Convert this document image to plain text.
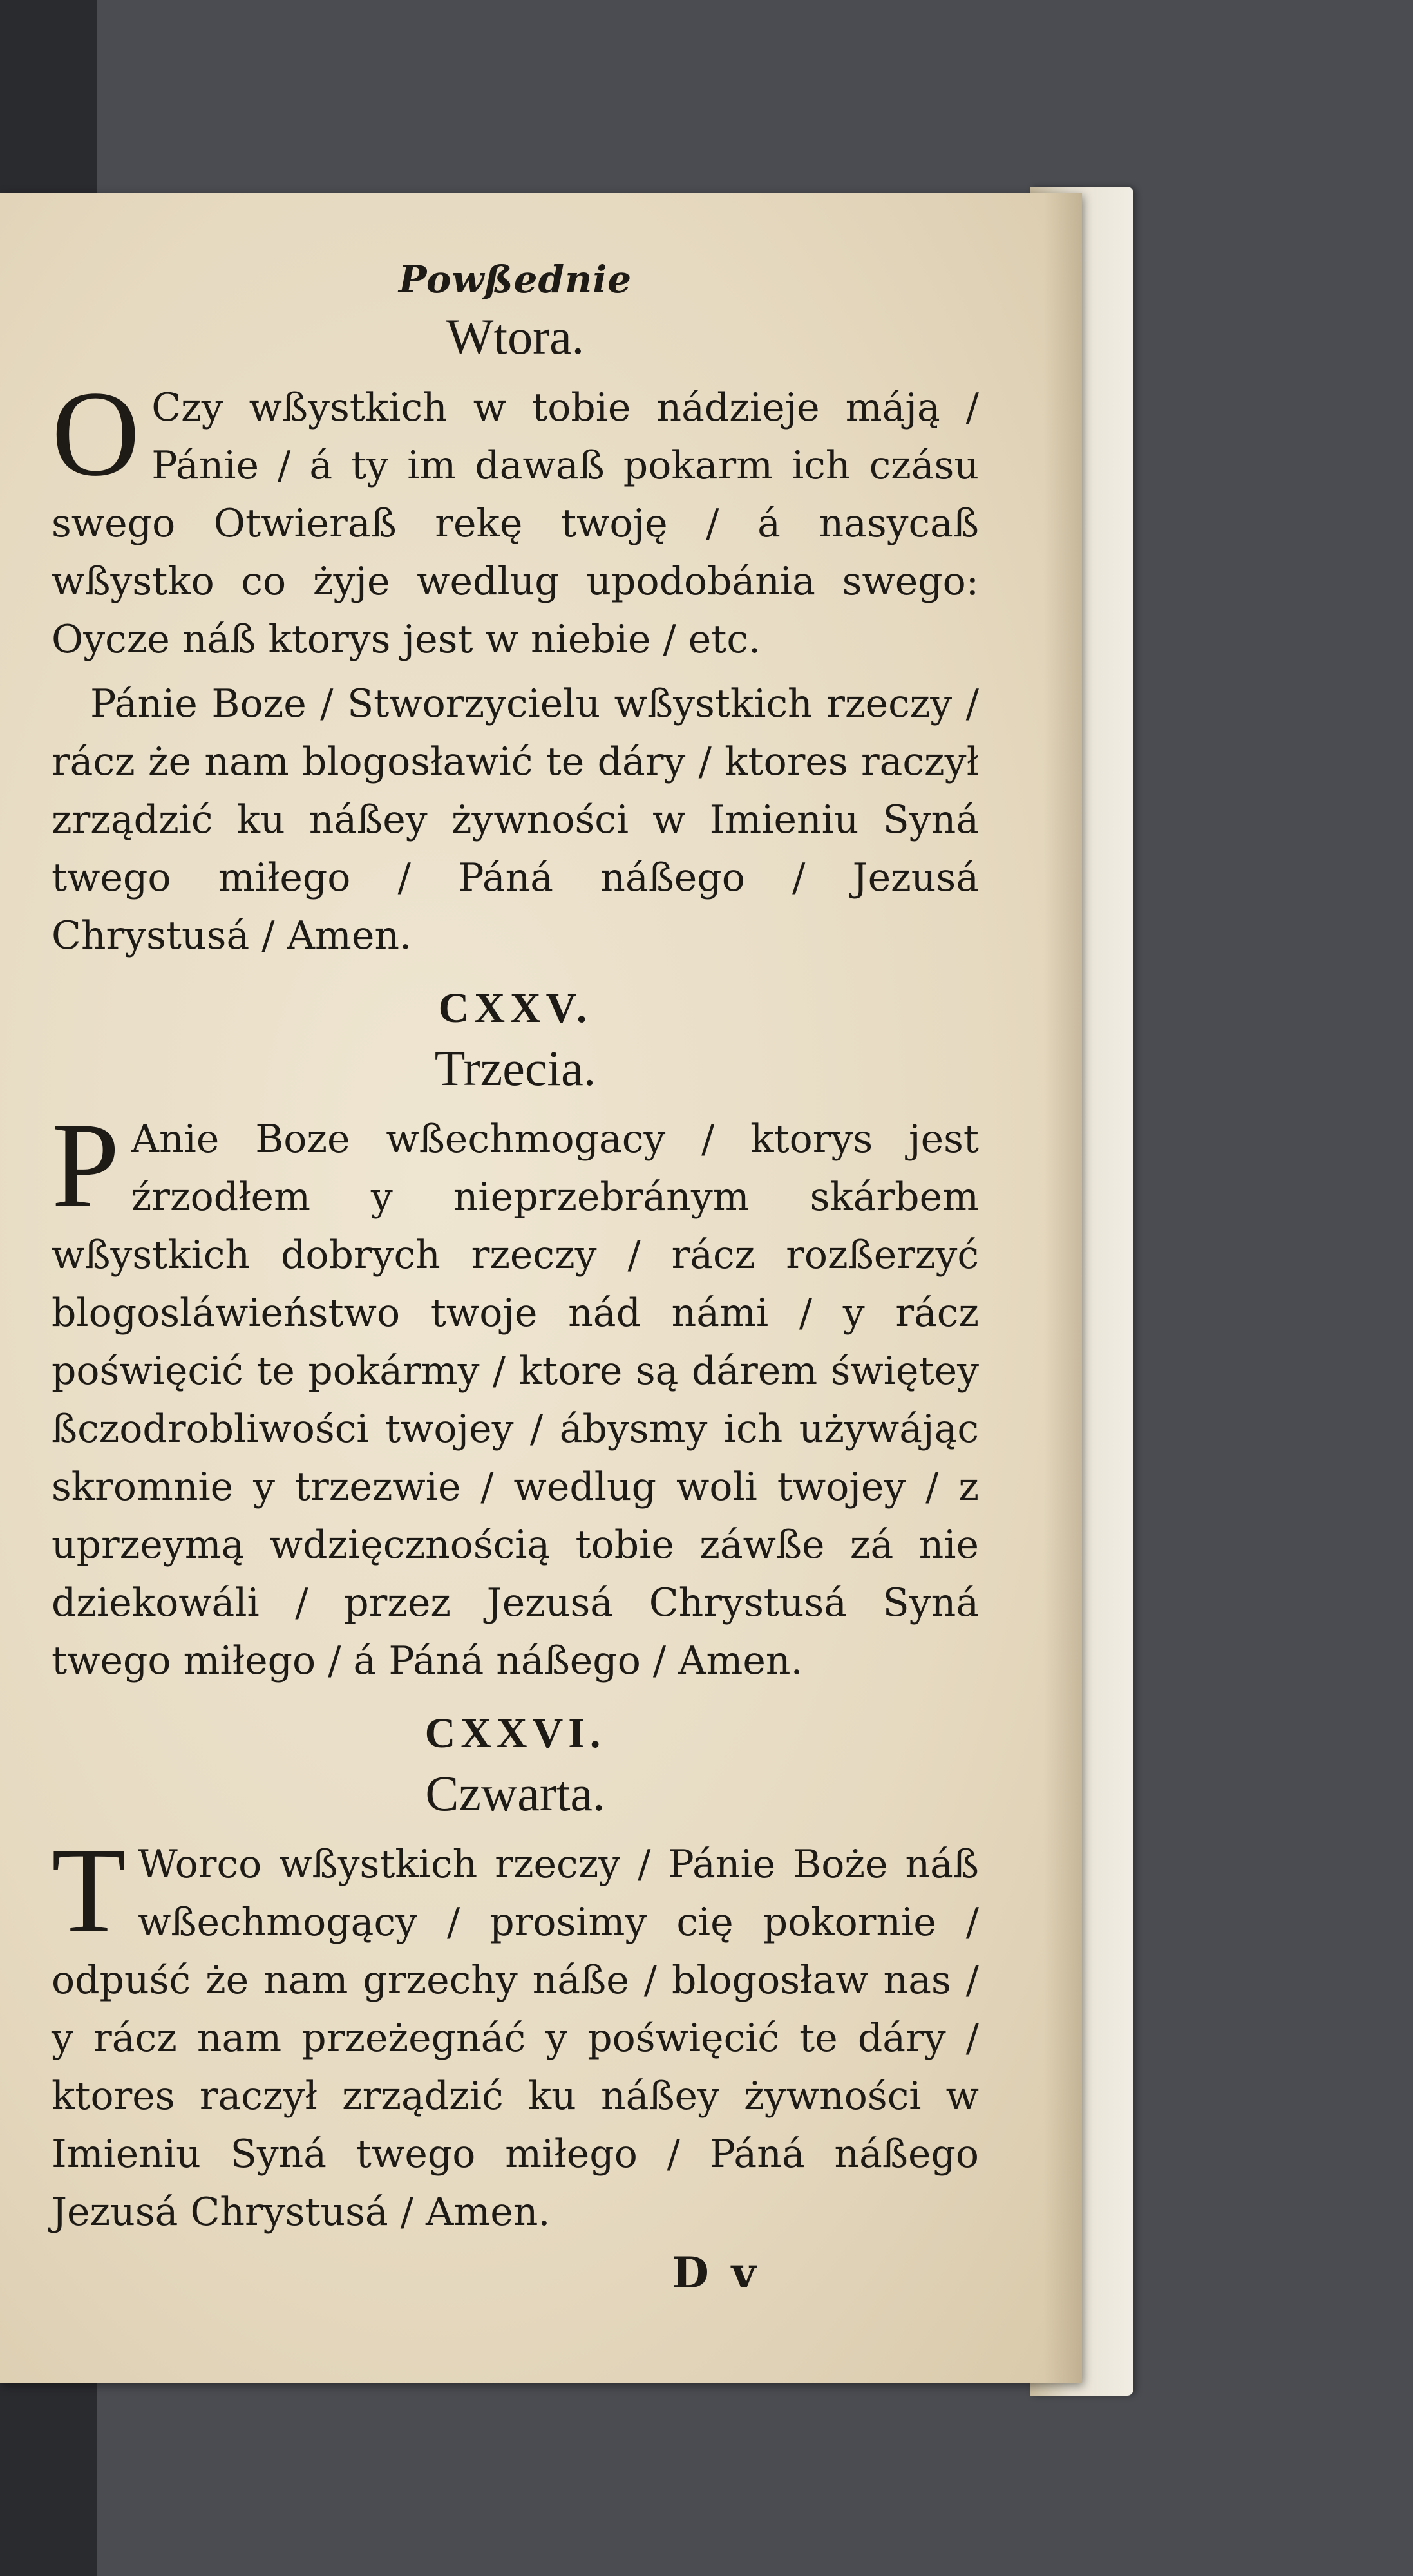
Powßednie
Wtora.

O Czy wßystkich w tobie nádzieje máją / Pánie / á ty im dawaß pokarm ich czásu swego Otwieraß rekę twoję / á nasycaß wßystko co żyje wedlug upodobánia swego: Oycze náß ktorys jest w niebie / etc.

Pánie Boze / Stworzycielu wßystkich rzeczy / rácz że nam blogosławić te dáry / ktores raczył zrządzić ku náßey żywności w Imieniu Syná twego miłego / Páná náßego / Jezusá Chrystusá / Amen.

CXXV.
Trzecia.

P Anie Boze wßechmogacy / ktorys jest źrzodłem y nieprzebránym skárbem wßystkich dobrych rzeczy / rácz rozßerzyć blogosláwieństwo twoje nád námi / y rácz poświęcić te pokármy / ktore są dárem świętey ßczodrobliwości twojey / ábysmy ich używájąc skromnie y trzezwie / wedlug woli twojey / z uprzeymą wdzięcznością tobie záwße zá nie dziekowáli / przez Jezusá Chrystusá Syná twego miłego / á Páná náßego / Amen.

CXXVI.
Czwarta.

T Worco wßystkich rzeczy / Pánie Boże náß wßechmogący / prosimy cię pokornie / odpuść że nam grzechy náße / blogosław nas / y rácz nam przeżegnáć y poświęcić te dáry / ktores raczył zrządzić ku náßey żywności w Imieniu Syná twego miłego / Páná náßego Jezusá Chrystusá / Amen.

D v
